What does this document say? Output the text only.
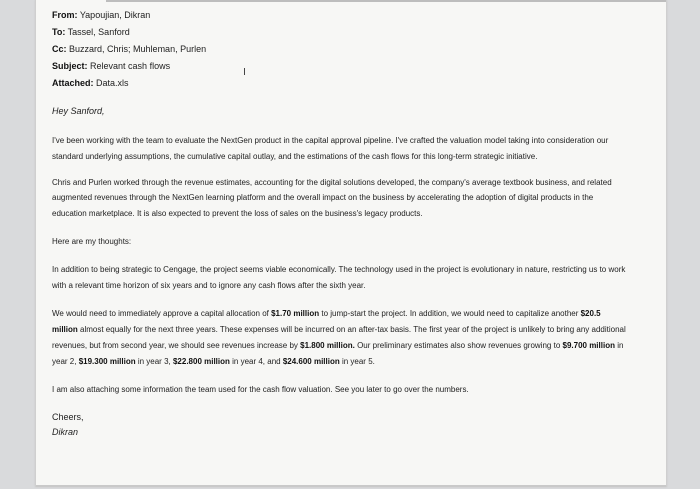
From: Yapoujian, Dikran
To: Tassel, Sanford
Cc: Buzzard, Chris; Muhleman, Purlen
Subject: Relevant cash flows
Attached: Data.xls
Hey Sanford,

I've been working with the team to evaluate the NextGen product in the capital approval pipeline. I've crafted the valuation model taking into consideration our standard underlying assumptions, the cumulative capital outlay, and the estimations of the cash flows for this long-term strategic initiative.

Chris and Purlen worked through the revenue estimates, accounting for the digital solutions developed, the company's average textbook business, and related augmented revenues through the NextGen learning platform and the overall impact on the business by accelerating the adoption of digital products in the education marketplace. It is also expected to prevent the loss of sales on the business's legacy products.

Here are my thoughts:

In addition to being strategic to Cengage, the project seems viable economically. The technology used in the project is evolutionary in nature, restricting us to work with a relevant time horizon of six years and to ignore any cash flows after the sixth year.

We would need to immediately approve a capital allocation of $1.70 million to jump-start the project. In addition, we would need to capitalize another $20.5 million almost equally for the next three years. These expenses will be incurred on an after-tax basis. The first year of the project is unlikely to bring any additional revenues, but from second year, we should see revenues increase by $1.800 million. Our preliminary estimates also show revenues growing to $9.700 million in year 2, $19.300 million in year 3, $22.800 million in year 4, and $24.600 million in year 5.

I am also attaching some information the team used for the cash flow valuation. See you later to go over the numbers.

Cheers,
Dikran
